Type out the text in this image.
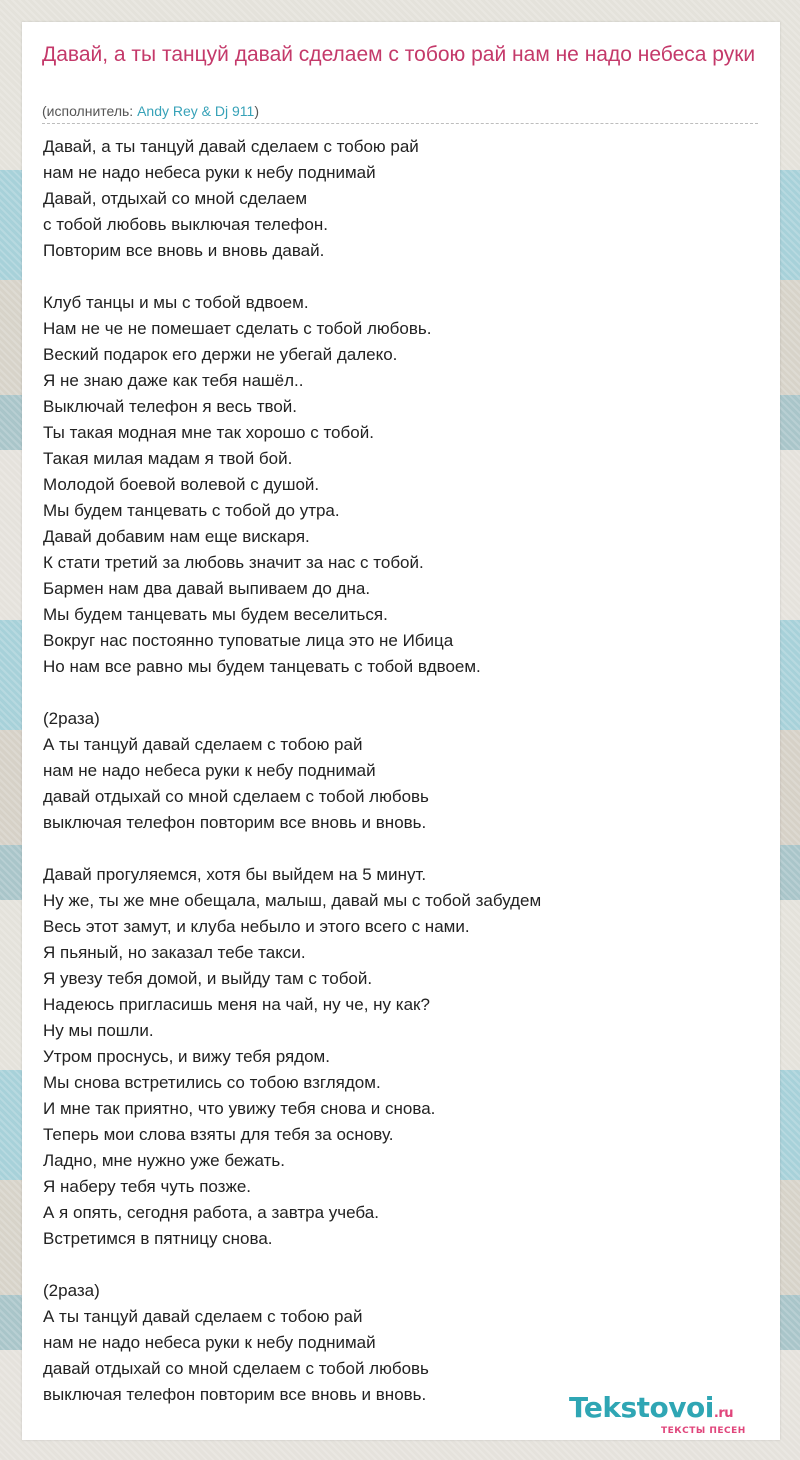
Давай, а ты танцуй давай сделаем с тобою рай нам не надо небеса руки
(исполнитель: Andy Rey & Dj 911)
Давай, а ты танцуй давай сделаем с тобою рай
нам не надо небеса руки к небу поднимай
Давай, отдыхай со мной сделаем
с тобой любовь выключая телефон.
Повторим все вновь и вновь давай.
Клуб танцы и мы с тобой вдвоем.
Нам не че не помешает сделать с тобой любовь.
Веский подарок его держи не убегай далеко.
Я не знаю даже как тебя нашёл..
Выключай телефон я весь твой.
Ты такая модная мне так хорошо с тобой.
Такая милая мадам я твой бой.
Молодой боевой волевой с душой.
Мы будем танцевать с тобой до утра.
Давай добавим нам еще вискаря.
К стати третий за любовь значит за нас с тобой.
Бармен нам два давай выпиваем до дна.
Мы будем танцевать мы будем веселиться.
Вокруг нас постоянно туповатые лица это не Ибица
Но нам все равно мы будем танцевать с тобой вдвоем.
(2раза)
А ты танцуй давай сделаем с тобою рай
нам не надо небеса руки к небу поднимай
давай отдыхай со мной сделаем с тобой любовь
выключая телефон повторим все вновь и вновь.
Давай прогуляемся, хотя бы выйдем на 5 минут.
Ну же, ты же мне обещала, малыш, давай мы с тобой забудем
Весь этот замут, и клуба небыло и этого всего с нами.
Я пьяный, но заказал тебе такси.
Я увезу тебя домой, и выйду там с тобой.
Надеюсь пригласишь меня на чай, ну че, ну как?
Ну мы пошли.
Утром проснусь, и вижу тебя рядом.
Мы снова встретились со тобою взглядом.
И мне так приятно, что увижу тебя снова и снова.
Теперь мои слова взяты для тебя за основу.
Ладно, мне нужно уже бежать.
Я наберу тебя чуть позже.
А я опять, сегодня работа, а завтра учеба.
Встретимся в пятницу снова.
(2раза)
А ты танцуй давай сделаем с тобою рай
нам не надо небеса руки к небу поднимай
давай отдыхай со мной сделаем с тобой любовь
выключая телефон повторим все вновь и вновь.	Tekstovoi.ru
ТЕКСТЫ ПЕСЕН
